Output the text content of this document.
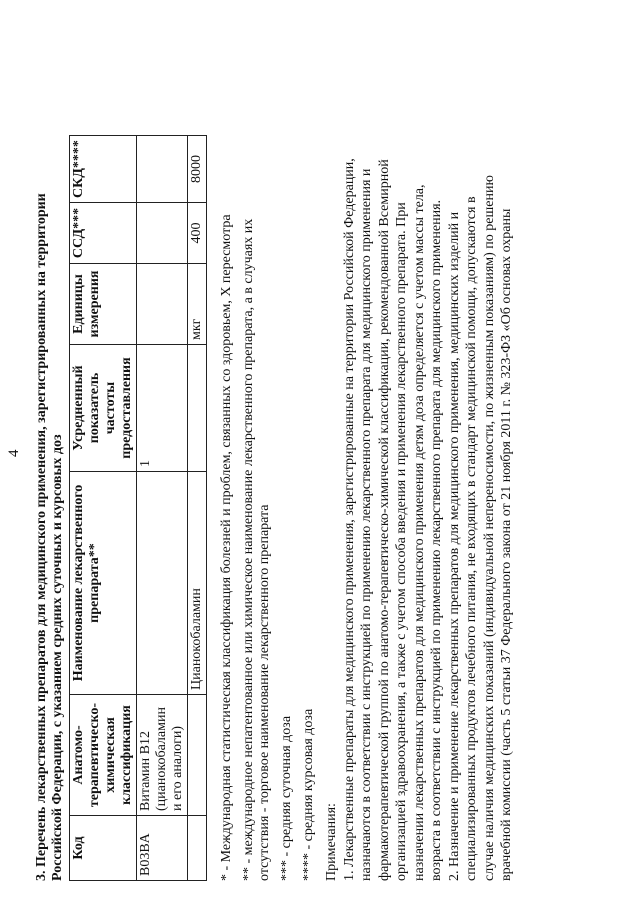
4 3. Перечень лекарственных препаратов для медицинского применения, зарегистрированных на территории Российской Федерации, с указанием средних суточных и курсовых доз Код	Анатомо-терапевтическо-химическая классификация	Наименование лекарственного препарата**	Усредненный показатель частоты предоставления	Единицы измерения	ССД***	СКД****
B03BA	Витамин B12 (цианокобаламин и его аналоги)		1			
		Цианокобаламин		мкг	400	8000

* - Международная статистическая классификация болезней и проблем, связанных со здоровьем, X пересмотра ** - международное непатентованное или химическое наименование лекарственного препарата, а в случаях их
отсутствия - торговое наименование лекарственного препарата *** - средняя суточная доза **** - средняя курсовая доза Примечания: 1. Лекарственные препараты для медицинского применения, зарегистрированные на территории Российской Федерации, назначаются в соответствии с инструкцией по применению лекарственного препарата для медицинского применения и фармакотерапевтической группой по анатомо-терапевтическо-химической классификации, рекомендованной Всемирной организацией здравоохранения, а также с учетом способа введения и применения лекарственного препарата. При назначении лекарственных препаратов для медицинского применения детям доза определяется с учетом массы тела, возраста в соответствии с инструкцией по применению лекарственного препарата для медицинского применения. 2. Назначение и применение лекарственных препаратов для медицинского применения, медицинских изделий и специализированных продуктов лечебного питания, не входящих в стандарт медицинской помощи, допускаются в случае наличия медицинских показаний (индивидуальной непереносимости, по жизненным показаниям) по решению врачебной комиссии (часть 5 статьи 37 Федерального закона от 21 ноября 2011 г. № 323-ФЗ «Об основах охраны
